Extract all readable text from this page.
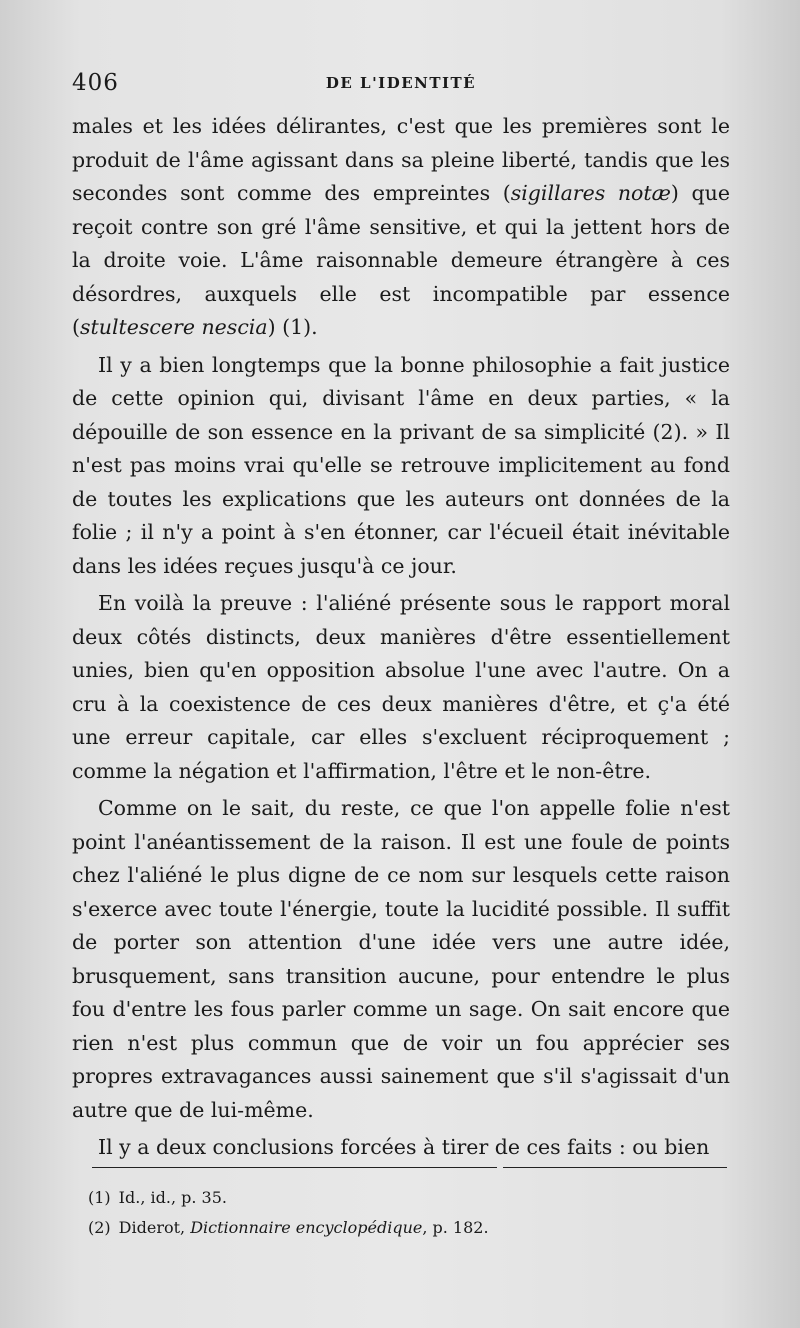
406	DE L'IDENTITÉ

males et les idées délirantes, c'est que les premières sont le produit de l'âme agissant dans sa pleine liberté, tandis que les secondes sont comme des empreintes (sigillares notæ) que reçoit contre son gré l'âme sensitive, et qui la jettent hors de la droite voie. L'âme raisonnable demeure étrangère à ces désordres, auxquels elle est incompatible par essence (stultescere nescia) (1).

Il y a bien longtemps que la bonne philosophie a fait justice de cette opinion qui, divisant l'âme en deux parties, « la dépouille de son essence en la privant de sa simplicité (2). » Il n'est pas moins vrai qu'elle se retrouve implicitement au fond de toutes les explications que les auteurs ont données de la folie ; il n'y a point à s'en étonner, car l'écueil était inévitable dans les idées reçues jusqu'à ce jour.

En voilà la preuve : l'aliéné présente sous le rapport moral deux côtés distincts, deux manières d'être essentiellement unies, bien qu'en opposition absolue l'une avec l'autre. On a cru à la coexistence de ces deux manières d'être, et ç'a été une erreur capitale, car elles s'excluent réciproquement ; comme la négation et l'affirmation, l'être et le non-être.

Comme on le sait, du reste, ce que l'on appelle folie n'est point l'anéantissement de la raison. Il est une foule de points chez l'aliéné le plus digne de ce nom sur lesquels cette raison s'exerce avec toute l'énergie, toute la lucidité possible. Il suffit de porter son attention d'une idée vers une autre idée, brusquement, sans transition aucune, pour entendre le plus fou d'entre les fous parler comme un sage. On sait encore que rien n'est plus commun que de voir un fou apprécier ses propres extravagances aussi sainement que s'il s'agissait d'un autre que de lui-même.

Il y a deux conclusions forcées à tirer de ces faits : ou bien

(1) Id., id., p. 35.

(2) Diderot, Dictionnaire encyclopédique, p. 182.
